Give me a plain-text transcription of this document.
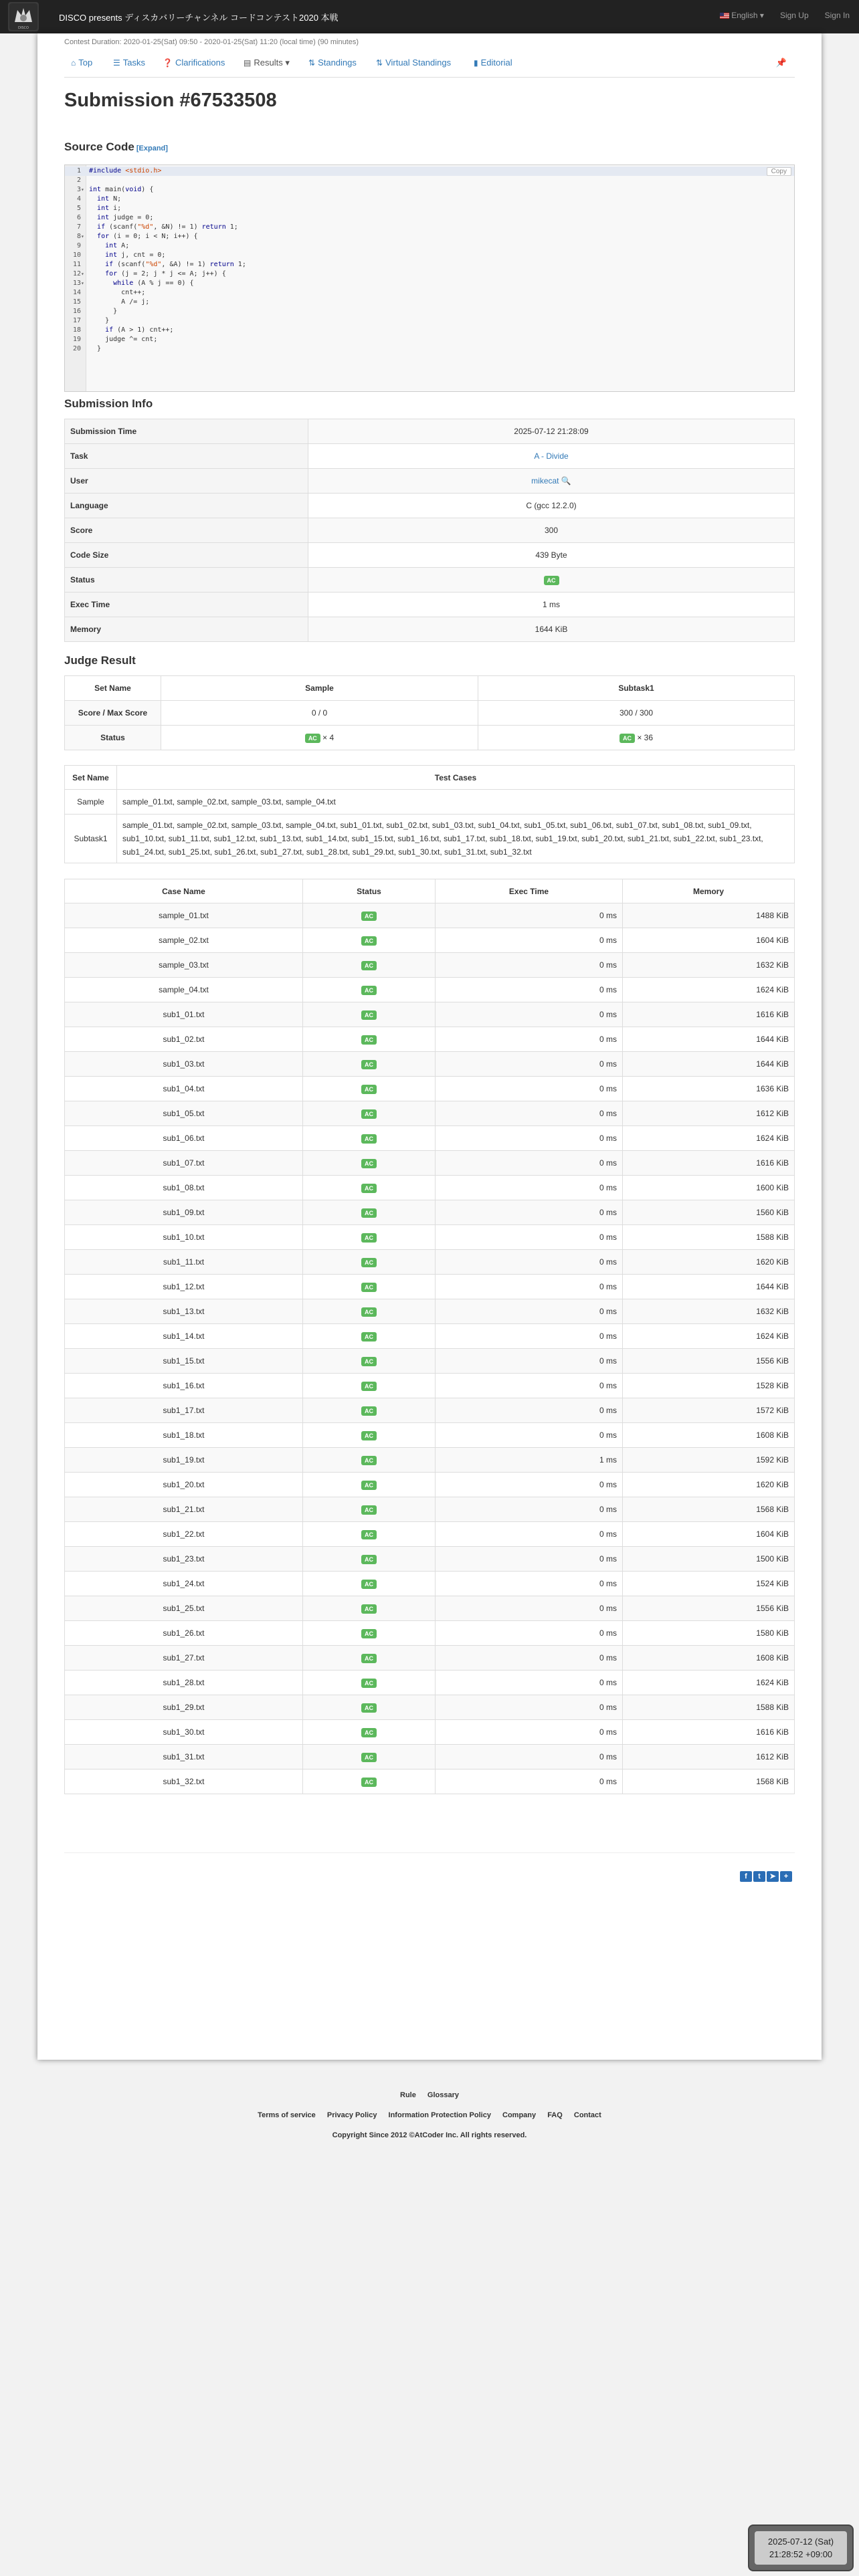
DISCO
DISCO presents ディスカバリーチャンネル コードコンテスト2020 本戦	English ▾ Sign Up Sign In
Contest Duration: 2020-01-25(Sat) 09:50 - 2020-01-25(Sat) 11:20 (local time) (90 minutes)
⌂ Top	☰ Tasks ❓ Clarifications ▤ Results ▾ ⇅ Standings ⇅ Virtual Standings	▮ Editorial	📌
Submission #67533508
Source Code [Expand]
1 #include <stdio.h>
2
3▾ int main(void) {
4 int N;
5 int i;
6 int judge = 0;
7 if (scanf("%d", &N) != 1) return 1;
8▾ for (i = 0; i < N; i++) {
9	int A;
10	int j, cnt = 0;
11	if (scanf("%d", &A) != 1) return 1;
12▾	for (j = 2; j * j <= A; j++) {
13▾	while (A % j == 0) {
14        cnt++;
15        A /= j;
16      }
17    }
18	if (A > 1) cnt++;
19    judge ^= cnt;
20  }
Copy
Submission Info
Submission Time	2025-07-12 21:28:09
Task	A - Divide
User	mikecat 🔍
Language	C (gcc 12.2.0)
Score	300
Code Size	439 Byte
Status	AC
Exec Time	1 ms
Memory	1644 KiB
Judge Result
Set Name	Sample	Subtask1
Score / Max Score	0 / 0	300 / 300
Status	AC × 4	AC × 36
Set Name	Test Cases
Sample	sample_01.txt, sample_02.txt, sample_03.txt, sample_04.txt
Subtask1	sample_01.txt, sample_02.txt, sample_03.txt, sample_04.txt, sub1_01.txt, sub1_02.txt, sub1_03.txt, sub1_04.txt, sub1_05.txt, sub1_06.txt, sub1_07.txt, sub1_08.txt, sub1_09.txt, sub1_10.txt, sub1_11.txt, sub1_12.txt, sub1_13.txt, sub1_14.txt, sub1_15.txt, sub1_16.txt, sub1_17.txt, sub1_18.txt, sub1_19.txt, sub1_20.txt, sub1_21.txt, sub1_22.txt, sub1_23.txt, sub1_24.txt, sub1_25.txt, sub1_26.txt, sub1_27.txt, sub1_28.txt, sub1_29.txt, sub1_30.txt, sub1_31.txt, sub1_32.txt
Case Name	Status	Exec Time	Memory
sample_01.txt	AC	0 ms	1488 KiB
sample_02.txt	AC	0 ms	1604 KiB
sample_03.txt	AC	0 ms	1632 KiB
sample_04.txt	AC	0 ms	1624 KiB
sub1_01.txt	AC	0 ms	1616 KiB
sub1_02.txt	AC	0 ms	1644 KiB
sub1_03.txt	AC	0 ms	1644 KiB
sub1_04.txt	AC	0 ms	1636 KiB
sub1_05.txt	AC	0 ms	1612 KiB
sub1_06.txt	AC	0 ms	1624 KiB
sub1_07.txt	AC	0 ms	1616 KiB
sub1_08.txt	AC	0 ms	1600 KiB
sub1_09.txt	AC	0 ms	1560 KiB
sub1_10.txt	AC	0 ms	1588 KiB
sub1_11.txt	AC	0 ms	1620 KiB
sub1_12.txt	AC	0 ms	1644 KiB
sub1_13.txt	AC	0 ms	1632 KiB
sub1_14.txt	AC	0 ms	1624 KiB
sub1_15.txt	AC	0 ms	1556 KiB
sub1_16.txt	AC	0 ms	1528 KiB
sub1_17.txt	AC	0 ms	1572 KiB
sub1_18.txt	AC	0 ms	1608 KiB
sub1_19.txt	AC	1 ms	1592 KiB
sub1_20.txt	AC	0 ms	1620 KiB
sub1_21.txt	AC	0 ms	1568 KiB
sub1_22.txt	AC	0 ms	1604 KiB
sub1_23.txt	AC	0 ms	1500 KiB
sub1_24.txt	AC	0 ms	1524 KiB
sub1_25.txt	AC	0 ms	1556 KiB
sub1_26.txt	AC	0 ms	1580 KiB
sub1_27.txt	AC	0 ms	1608 KiB
sub1_28.txt	AC	0 ms	1624 KiB
sub1_29.txt	AC	0 ms	1588 KiB
sub1_30.txt	AC	0 ms	1616 KiB
sub1_31.txt	AC	0 ms	1612 KiB
sub1_32.txt	AC	0 ms	1568 KiB
f	t	➤	+
Rule Glossary
Terms of service Privacy Policy Information Protection Policy Company FAQ Contact
Copyright Since 2012 ©AtCoder Inc. All rights reserved.
2025-07-12 (Sat)
21:28:52 +09:00
